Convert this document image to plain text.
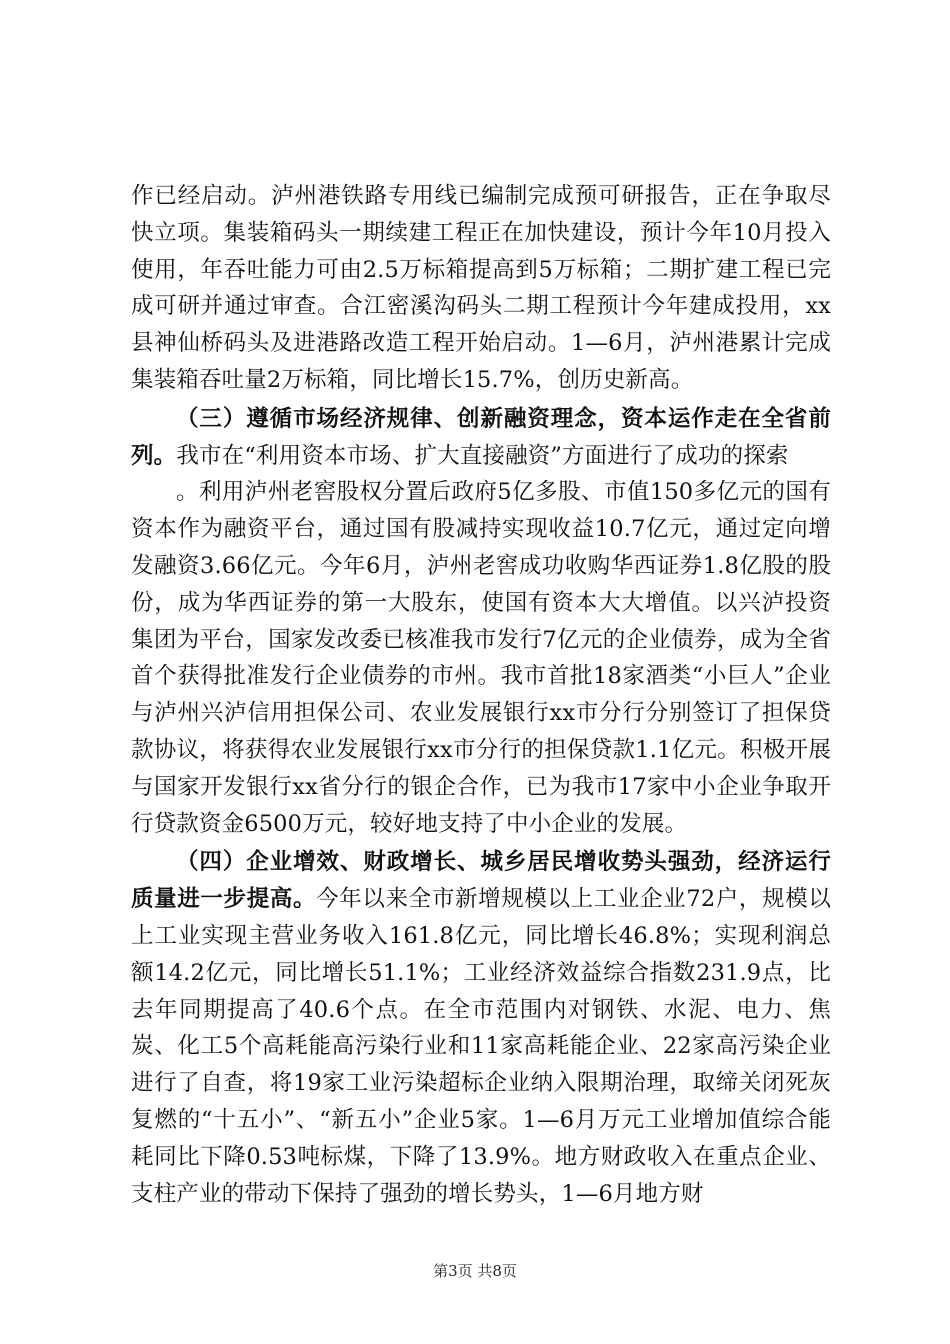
作已经启动。泸州港铁路专用线已编制完成预可研报告，正在争取尽快立项。集装箱码头一期续建工程正在加快建设，预计今年10月投入使用，年吞吐能力可由2.5万标箱提高到5万标箱；二期扩建工程已完成可研并通过审查。合江密溪沟码头二期工程预计今年建成投用，xx县神仙桥码头及进港路改造工程开始启动。1—6月，泸州港累计完成集装箱吞吐量2万标箱，同比增长15.7%，创历史新高。

（三）遵循市场经济规律、创新融资理念，资本运作走在全省前列。我市在“利用资本市场、扩大直接融资”方面进行了成功的探索

。利用泸州老窖股权分置后政府5亿多股、市值150多亿元的国有资本作为融资平台，通过国有股减持实现收益10.7亿元，通过定向增发融资3.66亿元。今年6月，泸州老窖成功收购华西证券1.8亿股的股份，成为华西证券的第一大股东，使国有资本大大增值。以兴泸投资集团为平台，国家发改委已核准我市发行7亿元的企业债券，成为全省首个获得批准发行企业债券的市州。我市首批18家酒类“小巨人”企业与泸州兴泸信用担保公司、农业发展银行xx市分行分别签订了担保贷款协议，将获得农业发展银行xx市分行的担保贷款1.1亿元。积极开展与国家开发银行xx省分行的银企合作，已为我市17家中小企业争取开行贷款资金6500万元，较好地支持了中小企业的发展。

（四）企业增效、财政增长、城乡居民增收势头强劲，经济运行质量进一步提高。今年以来全市新增规模以上工业企业72户，规模以上工业实现主营业务收入161.8亿元，同比增长46.8%；实现利润总额14.2亿元，同比增长51.1%；工业经济效益综合指数231.9点，比去年同期提高了40.6个点。在全市范围内对钢铁、水泥、电力、焦炭、化工5个高耗能高污染行业和11家高耗能企业、22家高污染企业进行了自查，将19家工业污染超标企业纳入限期治理，取缔关闭死灰复燃的“十五小”、“新五小”企业5家。1—6月万元工业增加值综合能耗同比下降0.53吨标煤，下降了13.9%。地方财政收入在重点企业、支柱产业的带动下保持了强劲的增长势头，1—6月地方财

第3页 共8页
